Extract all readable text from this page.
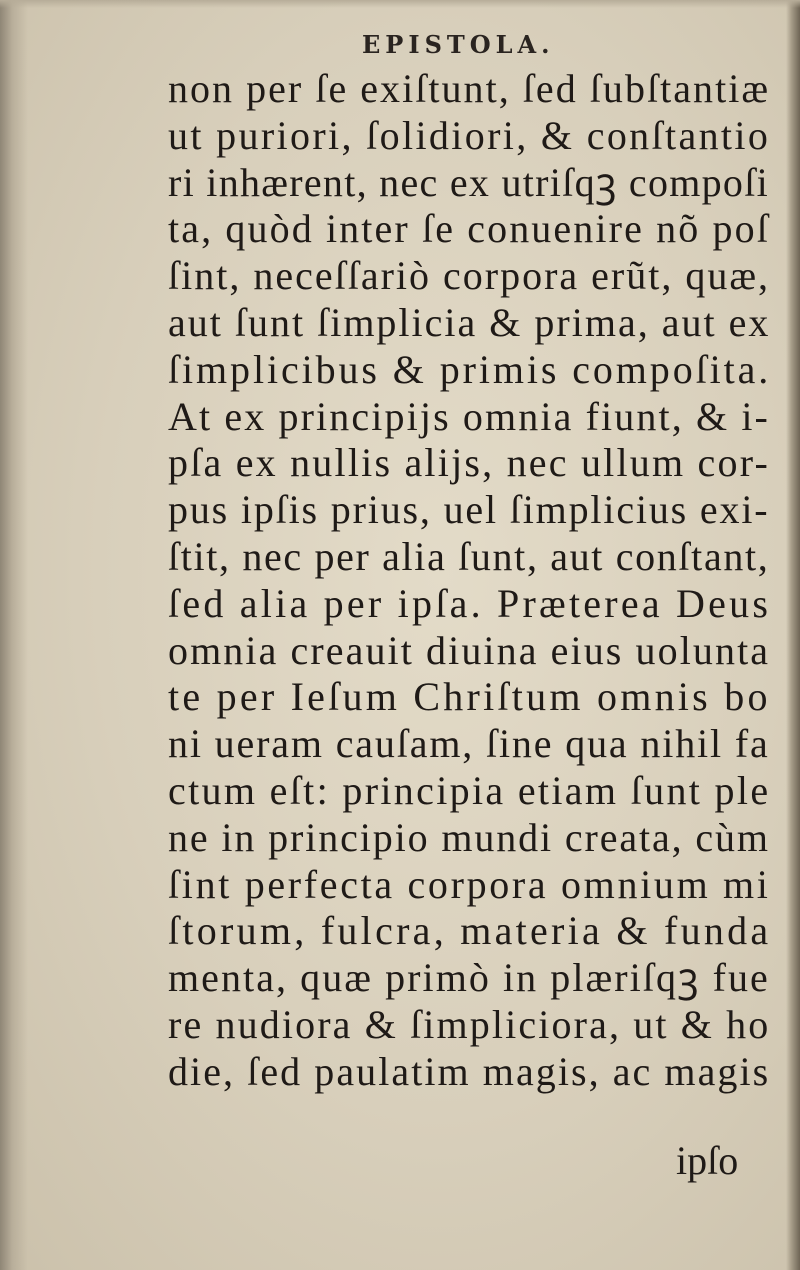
EPISTOLA.
non per ſe exiſtunt, ſed ſubſtantiæ
ut puriori, ſolidiori, & conſtantio
ri inhærent, nec ex utriſqꝫ compoſi
ta, quòd inter ſe conuenire nõ poſ
ſint, neceſſariò corpora erũt, quæ,
aut ſunt ſimplicia & prima, aut ex
ſimplicibus & primis compoſita.
At ex principijs omnia fiunt, & i-
pſa ex nullis alijs, nec ullum cor-
pus ipſis prius, uel ſimplicius exi-
ſtit, nec per alia ſunt, aut conſtant,
ſed alia per ipſa. Præterea Deus
omnia creauit diuina eius uolunta
te per Ieſum Chriſtum omnis bo
ni ueram cauſam, ſine qua nihil fa
ctum eſt: principia etiam ſunt ple
ne in principio mundi creata, cùm
ſint perfecta corpora omnium mi
ſtorum, fulcra, materia & funda
menta, quæ primò in plæriſqꝫ fue
re nudiora & ſimpliciora, ut & ho
die, ſed paulatim magis, ac magis
ipſo
